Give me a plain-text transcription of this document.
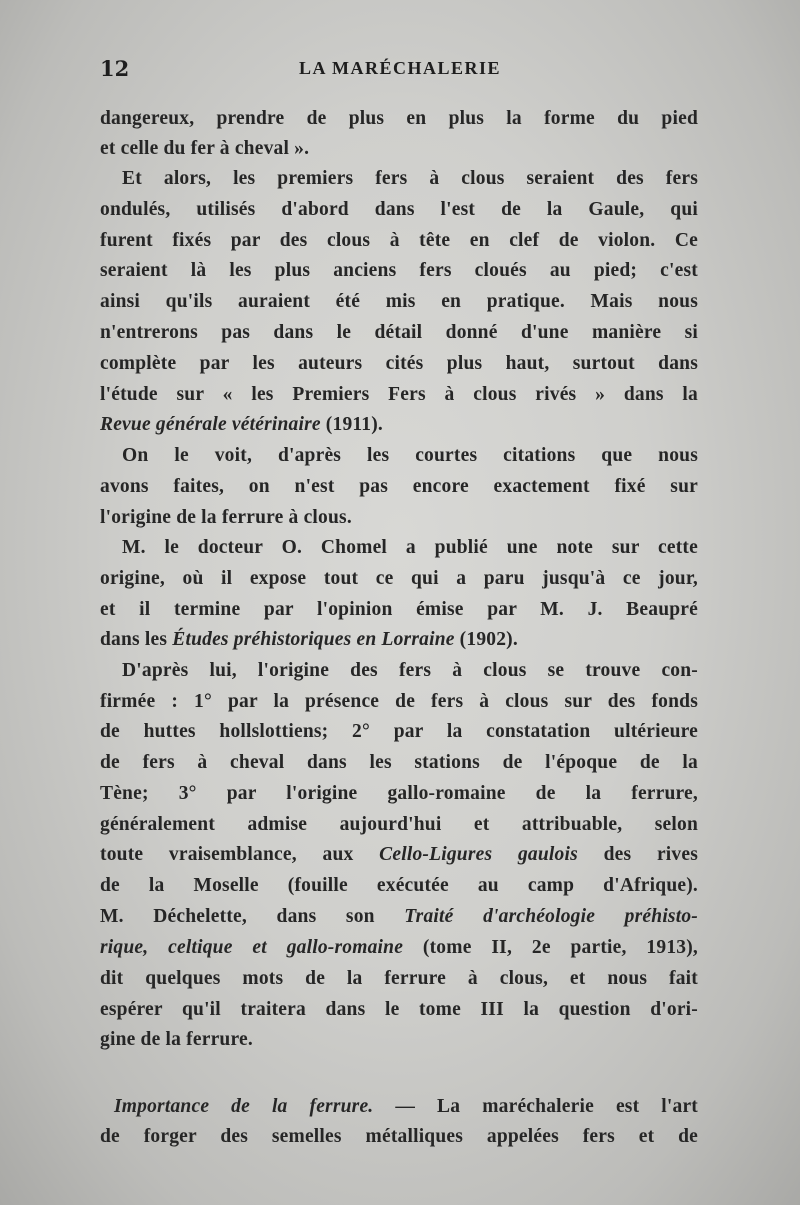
12	LA MARÉCHALERIE
dangereux, prendre de plus en plus la forme du pied
et celle du fer à cheval ».
Et alors, les premiers fers à clous seraient des fers
ondulés, utilisés d'abord dans l'est de la Gaule, qui
furent fixés par des clous à tête en clef de violon. Ce
seraient là les plus anciens fers cloués au pied; c'est
ainsi qu'ils auraient été mis en pratique. Mais nous
n'entrerons pas dans le détail donné d'une manière si
complète par les auteurs cités plus haut, surtout dans
l'étude sur « les Premiers Fers à clous rivés » dans la
Revue générale vétérinaire (1911).
On le voit, d'après les courtes citations que nous
avons faites, on n'est pas encore exactement fixé sur
l'origine de la ferrure à clous.
M. le docteur O. Chomel a publié une note sur cette
origine, où il expose tout ce qui a paru jusqu'à ce jour,
et il termine par l'opinion émise par M. J. Beaupré
dans les Études préhistoriques en Lorraine (1902).
D'après lui, l'origine des fers à clous se trouve con-
firmée : 1° par la présence de fers à clous sur des fonds
de huttes hollslottiens; 2° par la constatation ultérieure
de fers à cheval dans les stations de l'époque de la
Tène; 3° par l'origine gallo-romaine de la ferrure,
généralement admise aujourd'hui et attribuable, selon
toute vraisemblance, aux Cello-Ligures gaulois des rives
de la Moselle (fouille exécutée au camp d'Afrique).
M. Déchelette, dans son Traité d'archéologie préhisto-
rique, celtique et gallo-romaine (tome II, 2e partie, 1913),
dit quelques mots de la ferrure à clous, et nous fait
espérer qu'il traitera dans le tome III la question d'ori-
gine de la ferrure.
Importance de la ferrure. — La maréchalerie est l'art
de forger des semelles métalliques appelées fers et de
